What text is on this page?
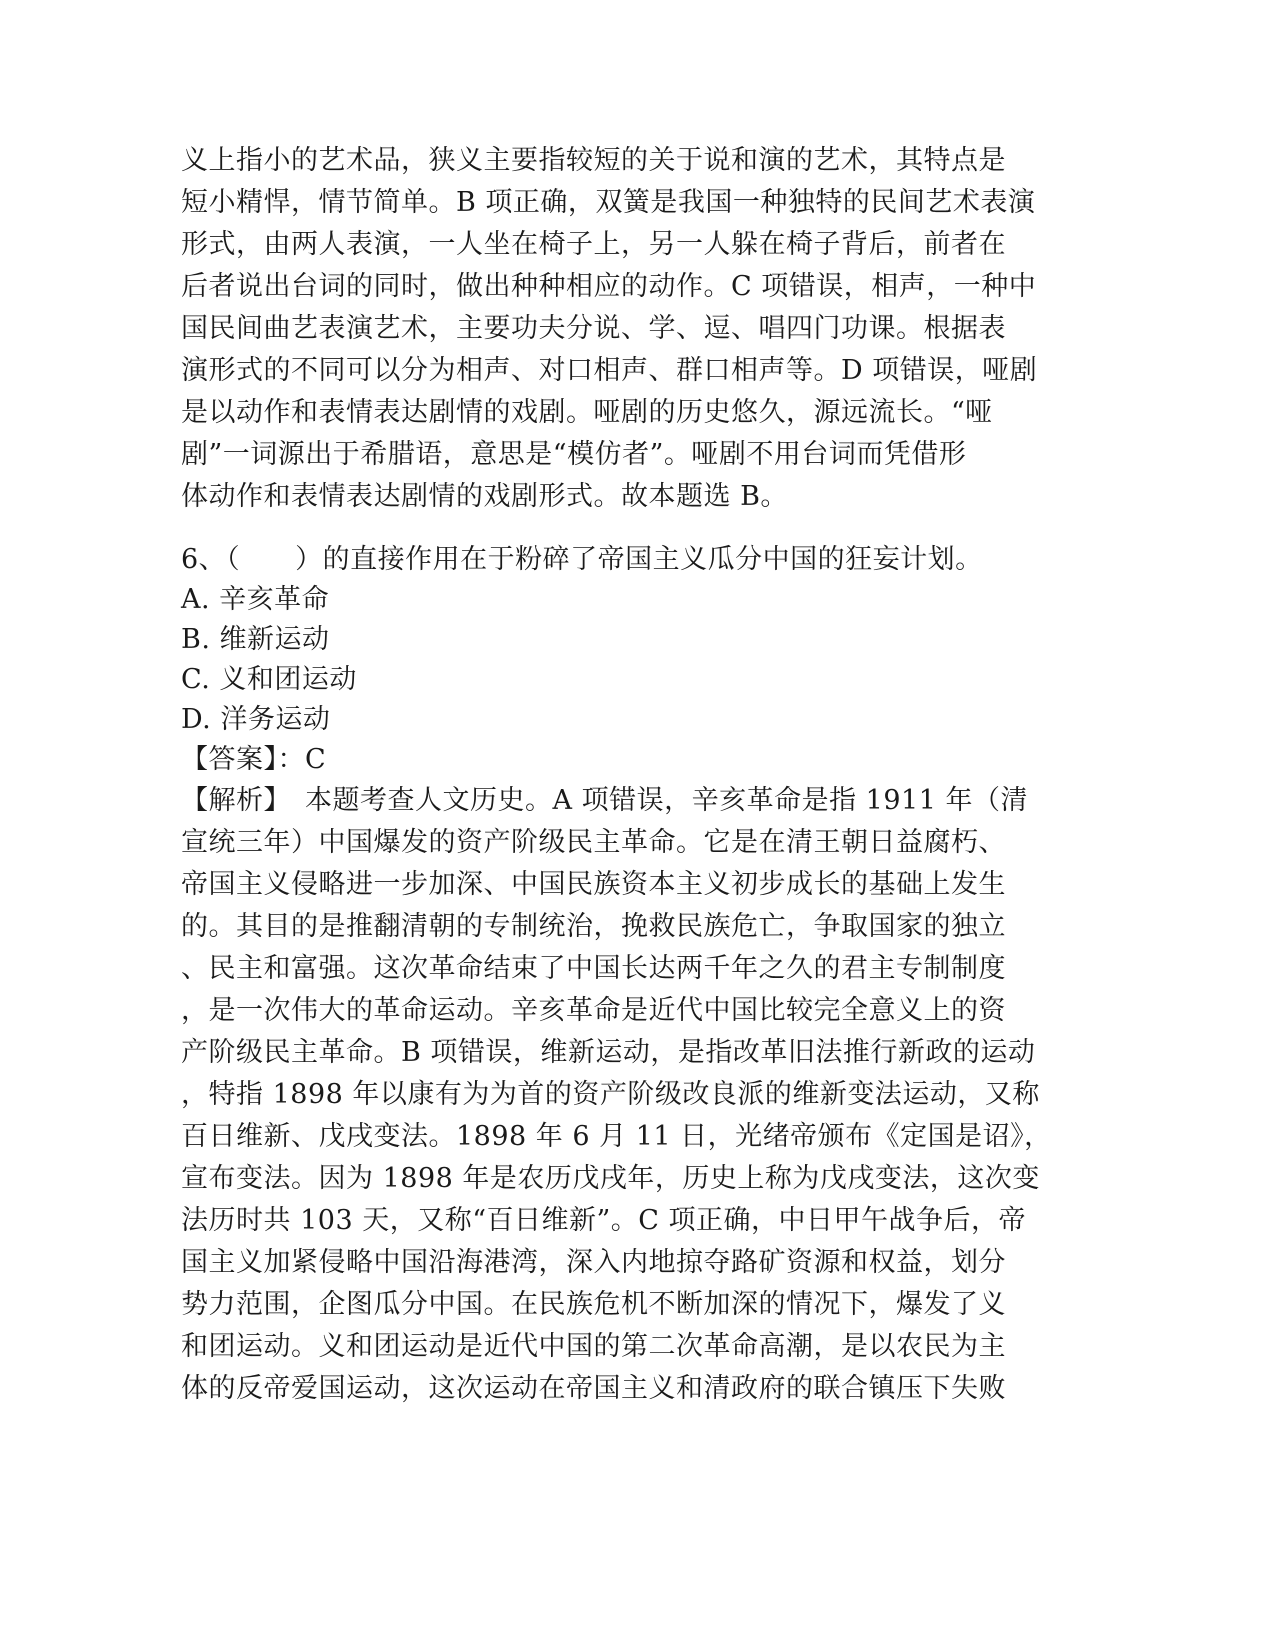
义上指小的艺术品，狭义主要指较短的关于说和演的艺术，其特点是
短小精悍，情节简单。B 项正确，双簧是我国一种独特的民间艺术表演
形式，由两人表演，一人坐在椅子上，另一人躲在椅子背后，前者在
后者说出台词的同时，做出种种相应的动作。C 项错误，相声，一种中
国民间曲艺表演艺术，主要功夫分说、学、逗、唱四门功课。根据表
演形式的不同可以分为相声、对口相声、群口相声等。D 项错误，哑剧
是以动作和表情表达剧情的戏剧。哑剧的历史悠久，源远流长。“哑
剧”一词源出于希腊语，意思是“模仿者”。哑剧不用台词而凭借形
体动作和表情表达剧情的戏剧形式。故本题选 B。
6、（　　）的直接作用在于粉碎了帝国主义瓜分中国的狂妄计划。
A. 辛亥革命
B. 维新运动
C. 义和团运动
D. 洋务运动
【答案】：C
【解析】　本题考查人文历史。A 项错误，辛亥革命是指 1911 年（清
宣统三年）中国爆发的资产阶级民主革命。它是在清王朝日益腐朽、
帝国主义侵略进一步加深、中国民族资本主义初步成长的基础上发生
的。其目的是推翻清朝的专制统治，挽救民族危亡，争取国家的独立
、民主和富强。这次革命结束了中国长达两千年之久的君主专制制度
，是一次伟大的革命运动。辛亥革命是近代中国比较完全意义上的资
产阶级民主革命。B 项错误，维新运动，是指改革旧法推行新政的运动
，特指 1898 年以康有为为首的资产阶级改良派的维新变法运动，又称
百日维新、戊戌变法。1898 年 6 月 11 日，光绪帝颁布《定国是诏》，
宣布变法。因为 1898 年是农历戊戌年，历史上称为戊戌变法，这次变
法历时共 103 天，又称“百日维新”。C 项正确，中日甲午战争后，帝
国主义加紧侵略中国沿海港湾，深入内地掠夺路矿资源和权益，划分
势力范围，企图瓜分中国。在民族危机不断加深的情况下，爆发了义
和团运动。义和团运动是近代中国的第二次革命高潮，是以农民为主
体的反帝爱国运动，这次运动在帝国主义和清政府的联合镇压下失败
